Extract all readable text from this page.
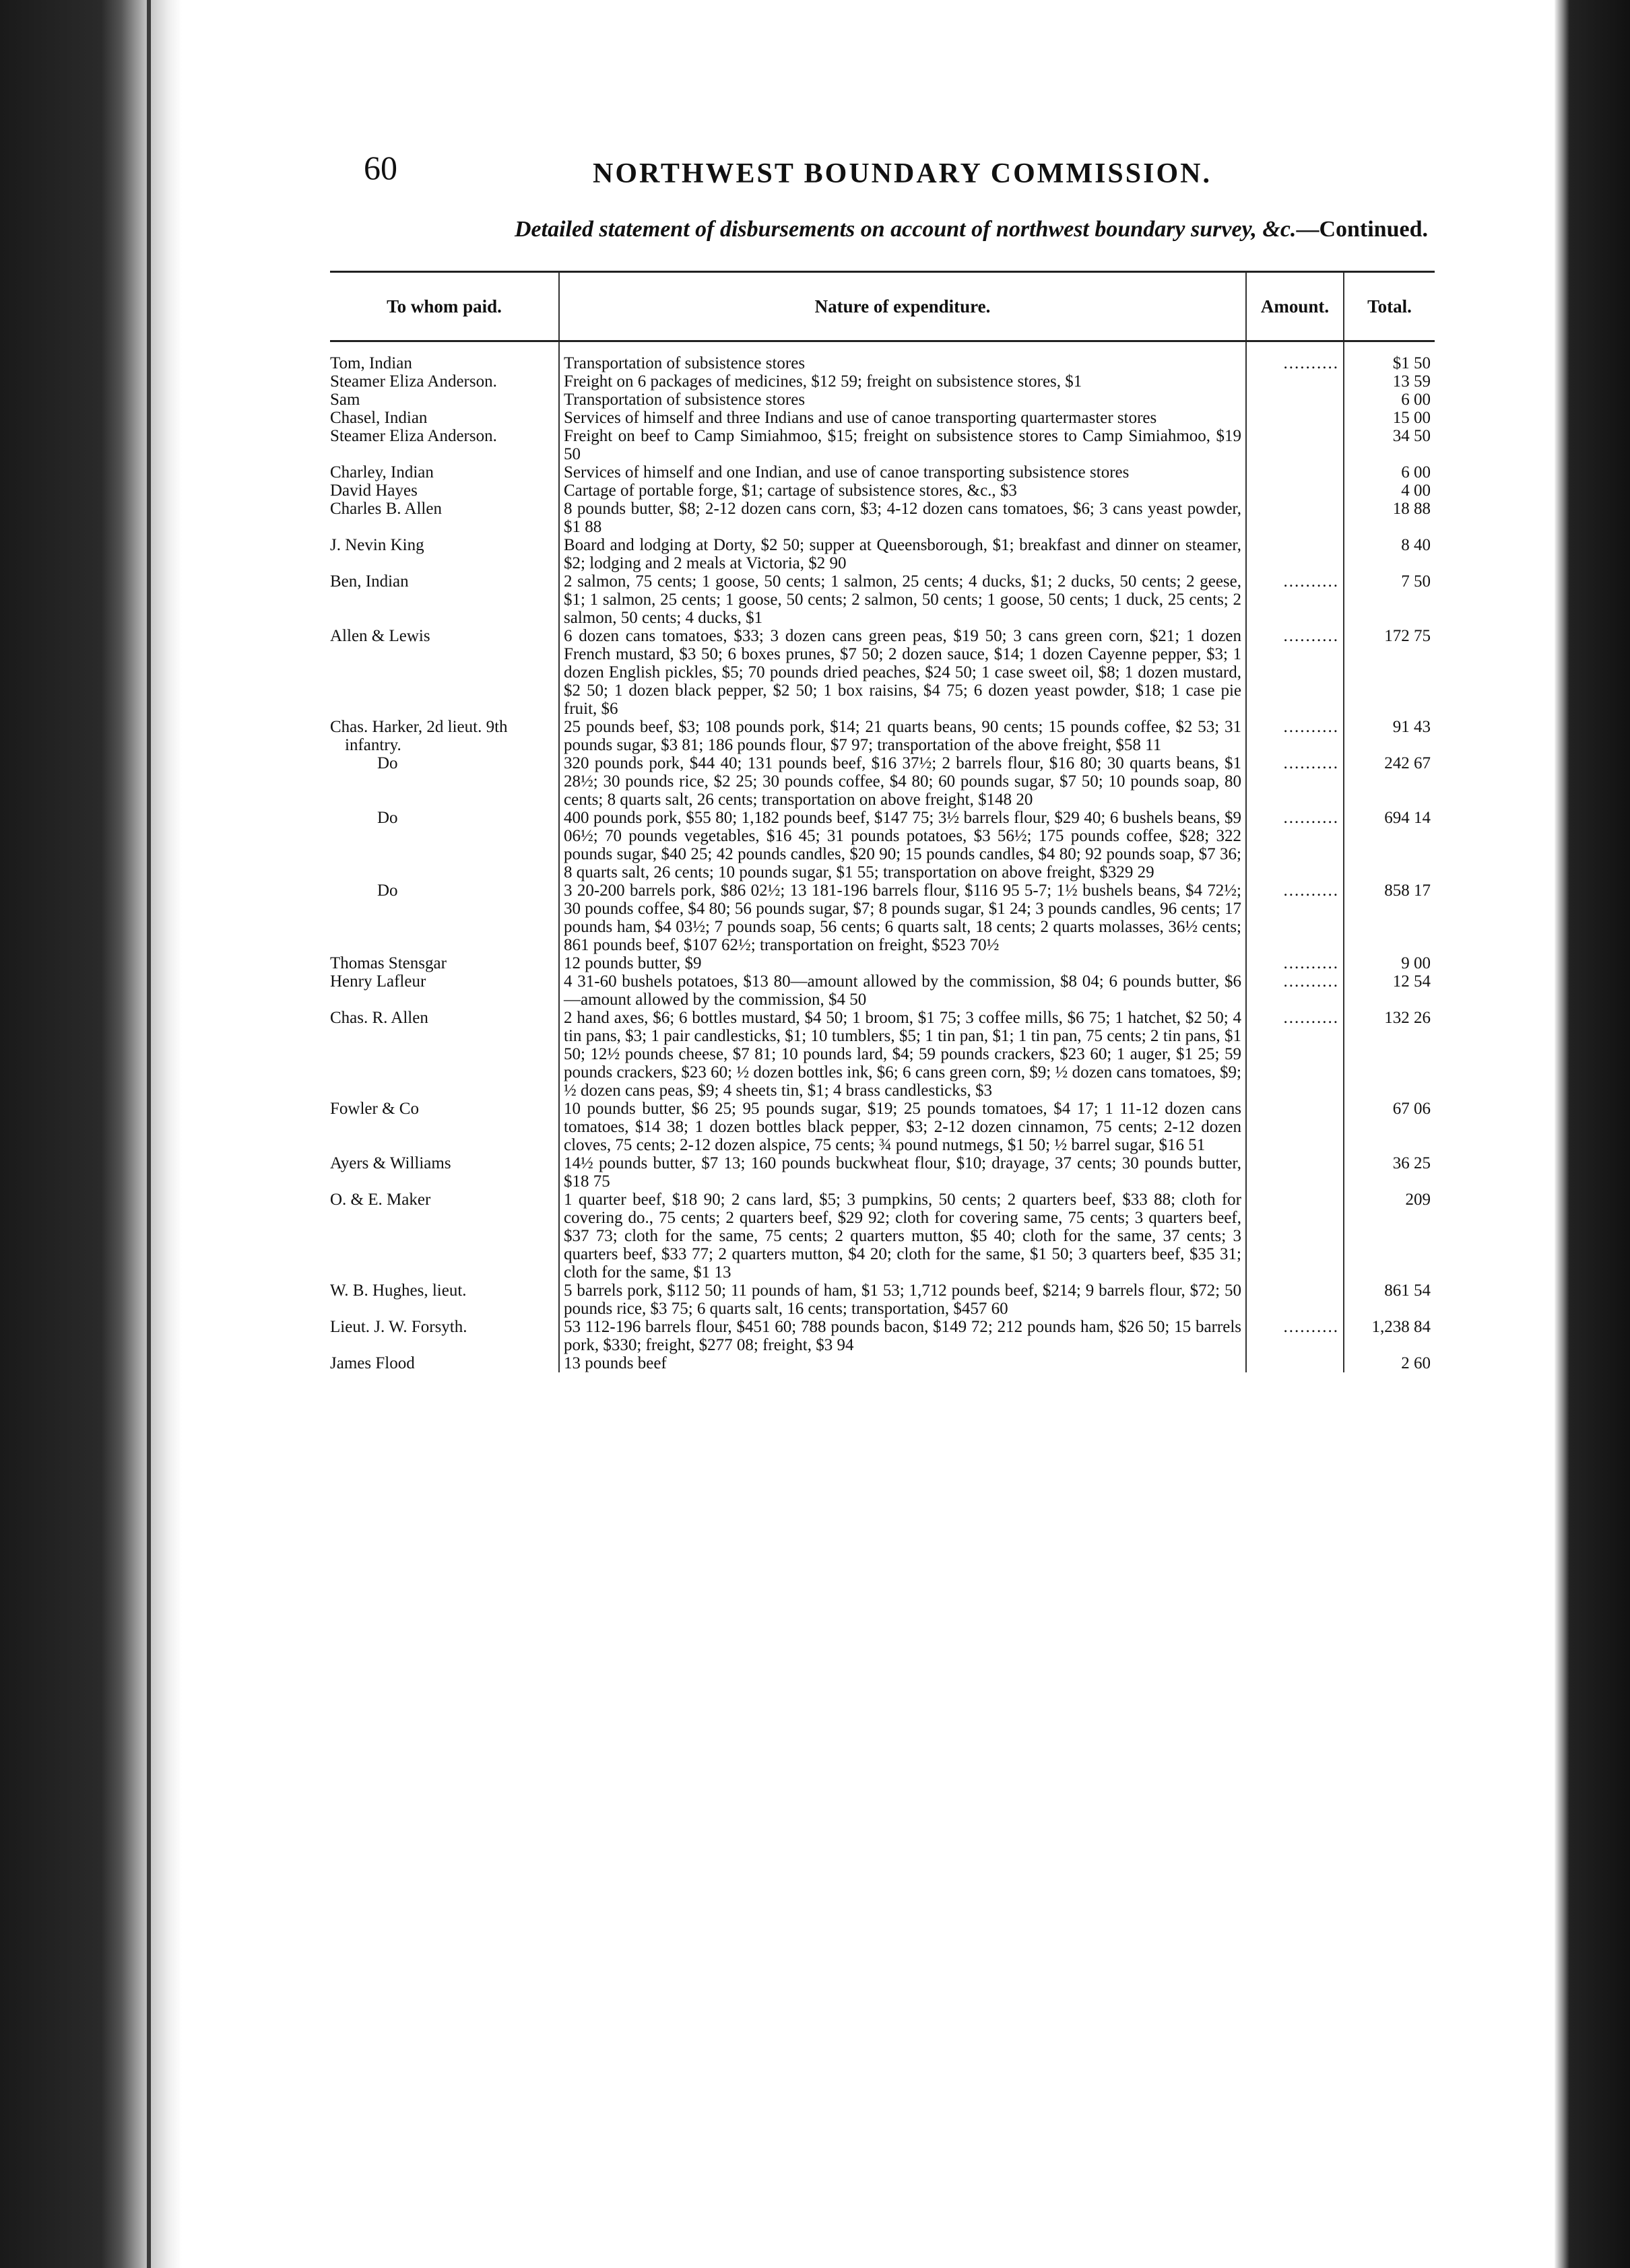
60	NORTHWEST BOUNDARY COMMISSION.
Detailed statement of disbursements on account of northwest boundary survey, &c.—Continued.
To whom paid.	Nature of expenditure.	Amount.	Total.
Tom, Indian	Transportation of subsistence stores	..........	$1 50
Steamer Eliza Anderson.	Freight on 6 packages of medicines, $12 59; freight on subsistence stores, $1		13 59
Sam	Transportation of subsistence stores		6 00
Chasel, Indian	Services of himself and three Indians and use of canoe transporting quartermaster stores		15 00
Steamer Eliza Anderson.	Freight on beef to Camp Simiahmoo, $15; freight on subsistence stores to Camp Simiahmoo, $19 50		34 50
Charley, Indian	Services of himself and one Indian, and use of canoe transporting subsistence stores		6 00
David Hayes	Cartage of portable forge, $1; cartage of subsistence stores, &c., $3		4 00
Charles B. Allen	8 pounds butter, $8; 2-12 dozen cans corn, $3; 4-12 dozen cans tomatoes, $6; 3 cans yeast powder, $1 88		18 88
J. Nevin King	Board and lodging at Dorty, $2 50; supper at Queensborough, $1; breakfast and dinner on steamer, $2; lodging and 2 meals at Victoria, $2 90		8 40
Ben, Indian	2 salmon, 75 cents; 1 goose, 50 cents; 1 salmon, 25 cents; 4 ducks, $1; 2 ducks, 50 cents; 2 geese, $1; 1 salmon, 25 cents; 1 goose, 50 cents; 2 salmon, 50 cents; 1 goose, 50 cents; 1 duck, 25 cents; 2 salmon, 50 cents; 4 ducks, $1	..........	7 50
Allen & Lewis	6 dozen cans tomatoes, $33; 3 dozen cans green peas, $19 50; 3 cans green corn, $21; 1 dozen French mustard, $3 50; 6 boxes prunes, $7 50; 2 dozen sauce, $14; 1 dozen Cayenne pepper, $3; 1 dozen English pickles, $5; 70 pounds dried peaches, $24 50; 1 case sweet oil, $8; 1 dozen mustard, $2 50; 1 dozen black pepper, $2 50; 1 box raisins, $4 75; 6 dozen yeast powder, $18; 1 case pie fruit, $6	..........	172 75
Chas. Harker, 2d lieut. 9th infantry.	25 pounds beef, $3; 108 pounds pork, $14; 21 quarts beans, 90 cents; 15 pounds coffee, $2 53; 31 pounds sugar, $3 81; 186 pounds flour, $7 97; transportation of the above freight, $58 11	..........	91 43
Do	320 pounds pork, $44 40; 131 pounds beef, $16 37½; 2 barrels flour, $16 80; 30 quarts beans, $1 28½; 30 pounds rice, $2 25; 30 pounds coffee, $4 80; 60 pounds sugar, $7 50; 10 pounds soap, 80 cents; 8 quarts salt, 26 cents; transportation on above freight, $148 20	..........	242 67
Do	400 pounds pork, $55 80; 1,182 pounds beef, $147 75; 3½ barrels flour, $29 40; 6 bushels beans, $9 06½; 70 pounds vegetables, $16 45; 31 pounds potatoes, $3 56½; 175 pounds coffee, $28; 322 pounds sugar, $40 25; 42 pounds candles, $20 90; 15 pounds candles, $4 80; 92 pounds soap, $7 36; 8 quarts salt, 26 cents; 10 pounds sugar, $1 55; transportation on above freight, $329 29	..........	694 14
Do	3 20-200 barrels pork, $86 02½; 13 181-196 barrels flour, $116 95 5-7; 1½ bushels beans, $4 72½; 30 pounds coffee, $4 80; 56 pounds sugar, $7; 8 pounds sugar, $1 24; 3 pounds candles, 96 cents; 17 pounds ham, $4 03½; 7 pounds soap, 56 cents; 6 quarts salt, 18 cents; 2 quarts molasses, 36½ cents; 861 pounds beef, $107 62½; transportation on freight, $523 70½	..........	858 17
Thomas Stensgar	12 pounds butter, $9	..........	9 00
Henry Lafleur	4 31-60 bushels potatoes, $13 80—amount allowed by the commission, $8 04; 6 pounds butter, $6—amount allowed by the commission, $4 50	..........	12 54
Chas. R. Allen	2 hand axes, $6; 6 bottles mustard, $4 50; 1 broom, $1 75; 3 coffee mills, $6 75; 1 hatchet, $2 50; 4 tin pans, $3; 1 pair candlesticks, $1; 10 tumblers, $5; 1 tin pan, $1; 1 tin pan, 75 cents; 2 tin pans, $1 50; 12½ pounds cheese, $7 81; 10 pounds lard, $4; 59 pounds crackers, $23 60; 1 auger, $1 25; 59 pounds crackers, $23 60; ½ dozen bottles ink, $6; 6 cans green corn, $9; ½ dozen cans tomatoes, $9; ½ dozen cans peas, $9; 4 sheets tin, $1; 4 brass candlesticks, $3	..........	132 26
Fowler & Co	10 pounds butter, $6 25; 95 pounds sugar, $19; 25 pounds tomatoes, $4 17; 1 11-12 dozen cans tomatoes, $14 38; 1 dozen bottles black pepper, $3; 2-12 dozen cinnamon, 75 cents; 2-12 dozen cloves, 75 cents; 2-12 dozen alspice, 75 cents; ¾ pound nutmegs, $1 50; ½ barrel sugar, $16 51		67 06
Ayers & Williams	14½ pounds butter, $7 13; 160 pounds buckwheat flour, $10; drayage, 37 cents; 30 pounds butter, $18 75		36 25
O. & E. Maker	1 quarter beef, $18 90; 2 cans lard, $5; 3 pumpkins, 50 cents; 2 quarters beef, $33 88; cloth for covering do., 75 cents; 2 quarters beef, $29 92; cloth for covering same, 75 cents; 3 quarters beef, $37 73; cloth for the same, 75 cents; 2 quarters mutton, $5 40; cloth for the same, 37 cents; 3 quarters beef, $33 77; 2 quarters mutton, $4 20; cloth for the same, $1 50; 3 quarters beef, $35 31; cloth for the same, $1 13		209
W. B. Hughes, lieut.	5 barrels pork, $112 50; 11 pounds of ham, $1 53; 1,712 pounds beef, $214; 9 barrels flour, $72; 50 pounds rice, $3 75; 6 quarts salt, 16 cents; transportation, $457 60		861 54
Lieut. J. W. Forsyth.	53 112-196 barrels flour, $451 60; 788 pounds bacon, $149 72; 212 pounds ham, $26 50; 15 barrels pork, $330; freight, $277 08; freight, $3 94	..........	1,238 84
James Flood	13 pounds beef		2 60
